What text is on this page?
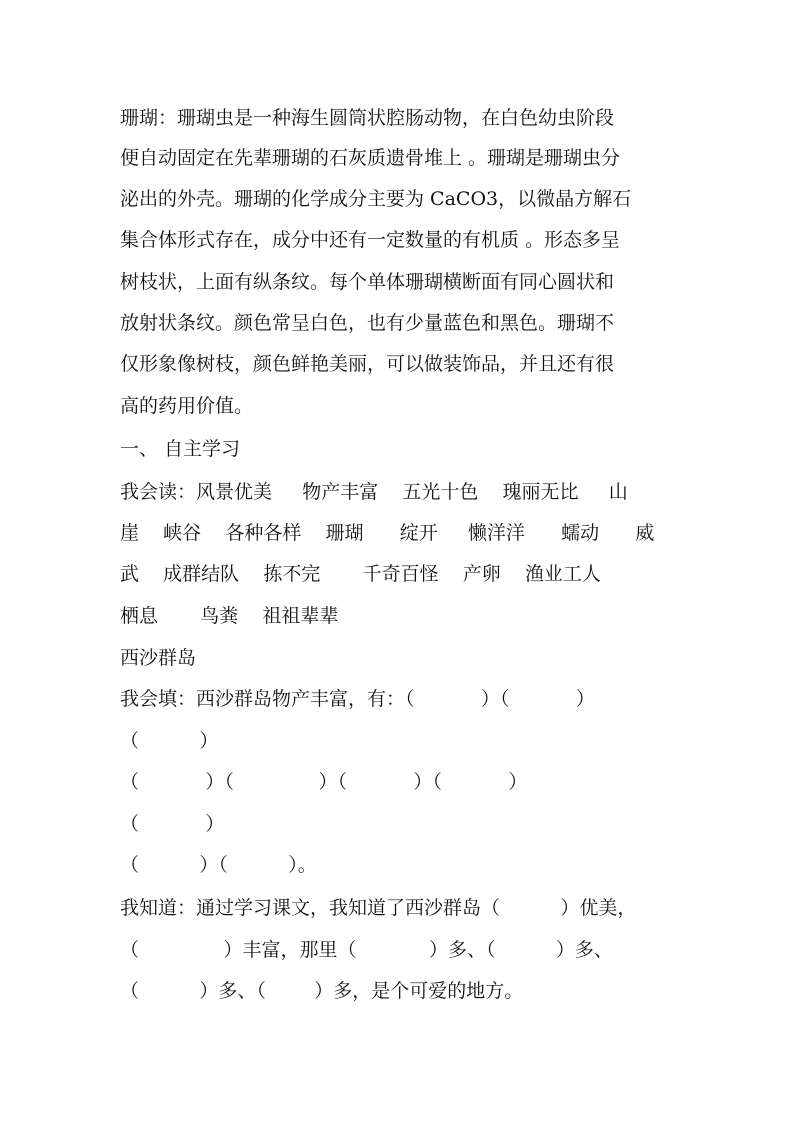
珊瑚：珊瑚虫是一种海生圆筒状腔肠动物，在白色幼虫阶段
便自动固定在先辈珊瑚的石灰质遗骨堆上 。珊瑚是珊瑚虫分
泌出的外壳。珊瑚的化学成分主要为 CaCO3，以微晶方解石
集合体形式存在，成分中还有一定数量的有机质 。形态多呈
树枝状，上面有纵条纹。每个单体珊瑚横断面有同心圆状和
放射状条纹。颜色常呈白色，也有少量蓝色和黑色。珊瑚不
仅形象像树枝，颜色鲜艳美丽，可以做装饰品，并且还有很
高的药用价值。
一、 自主学习
我会读：风景优美     物产丰富    五光十色    瑰丽无比     山
崖    峡谷    各种各样    珊瑚      绽开     懒洋洋      蠕动      威
武    成群结队    拣不完       千奇百怪    产卵    渔业工人
栖息       鸟粪    祖祖辈辈
西沙群岛
我会填：西沙群岛物产丰富，有：（           ）（           ）
（          ）
（           ）（              ）（           ）（           ）
（           ）
（          ）（          ）。
我知道：通过学习课文，我知道了西沙群岛（          ）优美，
（              ）丰富，那里（            ）多、（          ）多、
（          ）多、（        ）多，是个可爱的地方。
